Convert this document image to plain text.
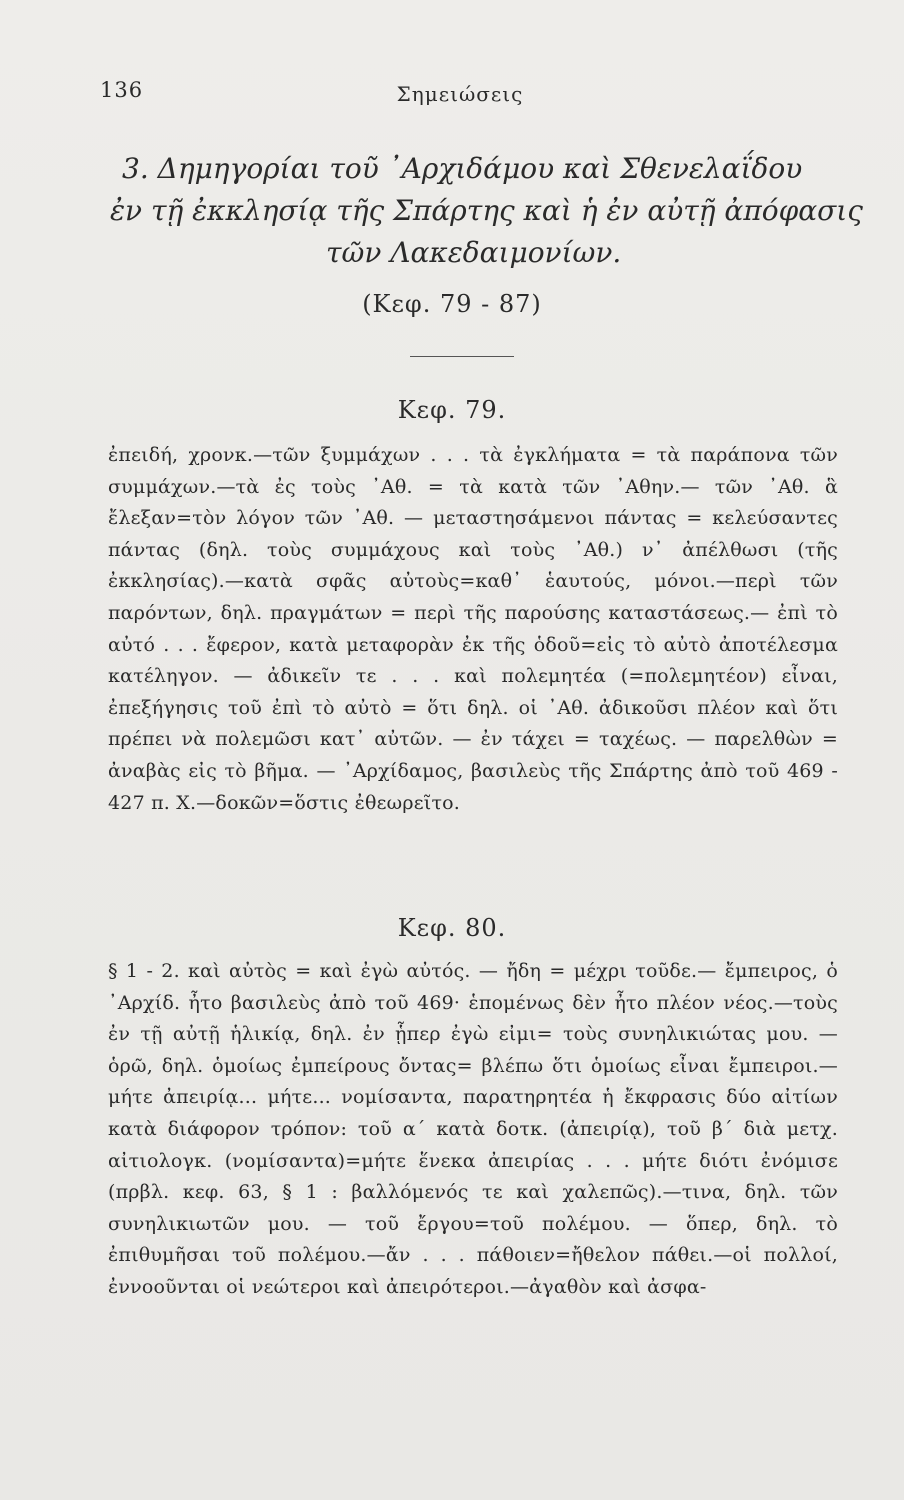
136	Σημειώσεις
3. Δημηγορίαι τοῦ ᾿Αρχιδάμου καὶ Σθενελαΐδου
ἐν τῇ ἐκκλησίᾳ τῆς Σπάρτης καὶ ἡ ἐν αὐτῇ ἀπόφασις
τῶν Λακεδαιμονίων.
(Κεφ. 79 - 87)
Κεφ. 79.

ἐπειδή, χρονκ.—τῶν ξυμμάχων . . . τὰ ἐγκλήματα = τὰ παράπονα τῶν συμμάχων.—τὰ ἐς τοὺς ᾿Αθ. = τὰ κατὰ τῶν ᾿Αθην.— τῶν ᾿Αθ. ἃ ἔλεξαν=τὸν λόγον τῶν ᾿Αθ. — μεταστησάμενοι πάντας = κελεύσαντες πάντας (δηλ. τοὺς συμμάχους καὶ τοὺς ᾿Αθ.) ν᾿ ἀπέλθωσι (τῆς ἐκκλησίας).—κατὰ σφᾶς αὐτοὺς=καθ᾿ ἑαυτούς, μόνοι.—περὶ τῶν παρόντων, δηλ. πραγμάτων = περὶ τῆς παρούσης καταστάσεως.— ἐπὶ τὸ αὐτό . . . ἔφερον, κατὰ μεταφορὰν ἐκ τῆς ὁδοῦ=εἰς τὸ αὐτὸ ἀποτέλεσμα κατέληγον. — ἀδικεῖν τε . . . καὶ πολεμητέα (=πολεμητέον) εἶναι, ἐπεξήγησις τοῦ ἐπὶ τὸ αὐτὸ = ὅτι δηλ. οἱ ᾿Αθ. ἀδικοῦσι πλέον καὶ ὅτι πρέπει νὰ πολεμῶσι κατ᾿ αὐτῶν. — ἐν τάχει = ταχέως. — παρελθὼν = ἀναβὰς εἰς τὸ βῆμα. — ᾿Αρχίδαμος, βασιλεὺς τῆς Σπάρτης ἀπὸ τοῦ 469 - 427 π. Χ.—δοκῶν=ὅστις ἐθεωρεῖτο.

Κεφ. 80.

§ 1 - 2. καὶ αὐτὸς = καὶ ἐγὼ αὐτός. — ἤδη = μέχρι τοῦδε.— ἔμπειρος, ὁ ᾿Αρχίδ. ἦτο βασιλεὺς ἀπὸ τοῦ 469· ἑπομένως δὲν ἦτο πλέον νέος.—τοὺς ἐν τῇ αὐτῇ ἡλικίᾳ, δηλ. ἐν ᾗπερ ἐγὼ εἰμι= τοὺς συνηλικιώτας μου. — ὁρῶ, δηλ. ὁμοίως ἐμπείρους ὄντας= βλέπω ὅτι ὁμοίως εἶναι ἔμπειροι.—μήτε ἀπειρίᾳ... μήτε... νομίσαντα, παρατηρητέα ἡ ἔκφρασις δύο αἰτίων κατὰ διάφορον τρόπον: τοῦ α΄ κατὰ δοτκ. (ἀπειρίᾳ), τοῦ β΄ διὰ μετχ. αἰτιολογκ. (νομίσαντα)=μήτε ἕνεκα ἀπειρίας . . . μήτε διότι ἐνόμισε (πρβλ. κεφ. 63, § 1 : βαλλόμενός τε καὶ χαλεπῶς).—τινα, δηλ. τῶν συνηλικιωτῶν μου. — τοῦ ἔργου=τοῦ πολέμου. — ὅπερ, δηλ. τὸ ἐπιθυμῆσαι τοῦ πολέμου.—ἄν . . . πάθοιεν=ἤθελον πάθει.—οἱ πολλοί, ἐννοοῦνται οἱ νεώτεροι καὶ ἀπειρότεροι.—ἀγαθὸν καὶ ἀσφα-
